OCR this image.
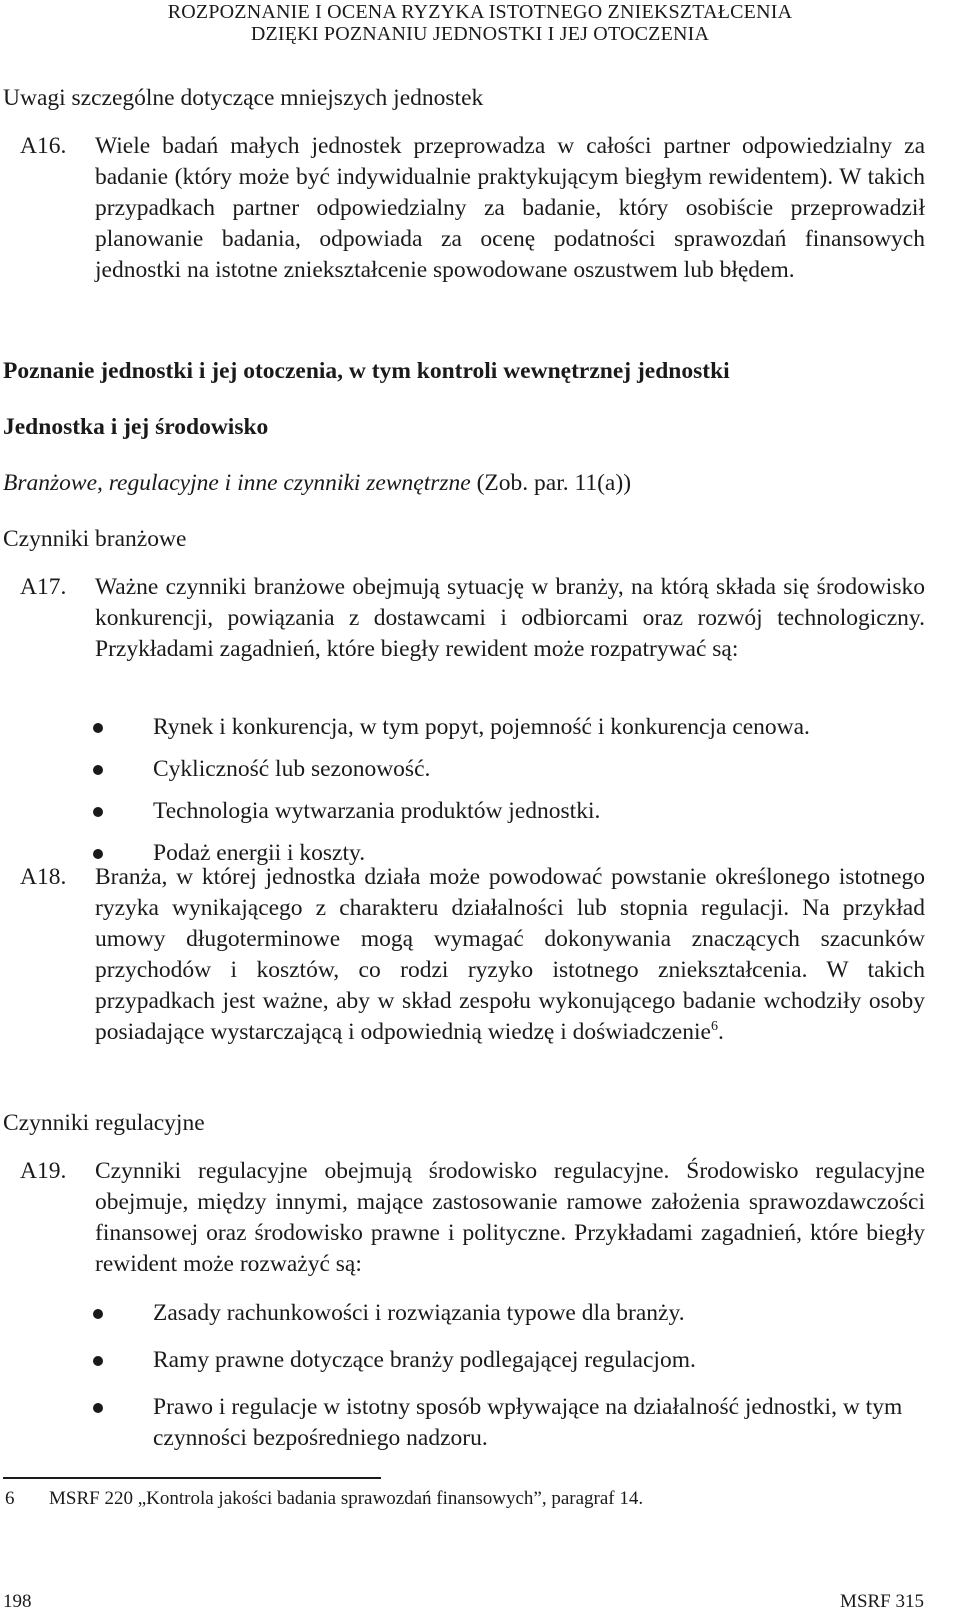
ROZPOZNANIE I OCENA RYZYKA ISTOTNEGO ZNIEKSZTAŁCENIA
DZIĘKI POZNANIU JEDNOSTKI I JEJ OTOCZENIA
Uwagi szczególne dotyczące mniejszych jednostek
A16. Wiele badań małych jednostek przeprowadza w całości partner odpowiedzialny za badanie (który może być indywidualnie praktykującym biegłym rewidentem). W takich przypadkach partner odpowiedzialny za badanie, który osobiście przeprowadził planowanie badania, odpowiada za ocenę podatności sprawozdań finansowych jednostki na istotne zniekształcenie spowodowane oszustwem lub błędem.

Poznanie jednostki i jej otoczenia, w tym kontroli wewnętrznej jednostki
Jednostka i jej środowisko
Branżowe, regulacyjne i inne czynniki zewnętrzne (Zob. par. 11(a))
Czynniki branżowe
A17. Ważne czynniki branżowe obejmują sytuację w branży, na którą składa się środowisko konkurencji, powiązania z dostawcami i odbiorcami oraz rozwój technologiczny. Przykładami zagadnień, które biegły rewident może rozpatrywać są:

Rynek i konkurencja, w tym popyt, pojemność i konkurencja cenowa.
Cykliczność lub sezonowość.
Technologia wytwarzania produktów jednostki.
Podaż energii i koszty.
A18. Branża, w której jednostka działa może powodować powstanie określonego istotnego ryzyka wynikającego z charakteru działalności lub stopnia regulacji. Na przykład umowy długoterminowe mogą wymagać dokonywania znaczących szacunków przychodów i kosztów, co rodzi ryzyko istotnego zniekształcenia. W takich przypadkach jest ważne, aby w skład zespołu wykonującego badanie wchodziły osoby posiadające wystarczającą i odpowiednią wiedzę i doświadczenie$^6$.

Czynniki regulacyjne
A19. Czynniki regulacyjne obejmują środowisko regulacyjne. Środowisko regulacyjne obejmuje, między innymi, mające zastosowanie ramowe założenia sprawozdawczości finansowej oraz środowisko prawne i polityczne. Przykładami zagadnień, które biegły rewident może rozważyć są:

Zasady rachunkowości i rozwiązania typowe dla branży.
Ramy prawne dotyczące branży podlegającej regulacjom.
Prawo i regulacje w istotny sposób wpływające na działalność jednostki, w tym czynności bezpośredniego nadzoru.
6 MSRF 220 „Kontrola jakości badania sprawozdań finansowych”, paragraf 14.
198	MSRF 315
